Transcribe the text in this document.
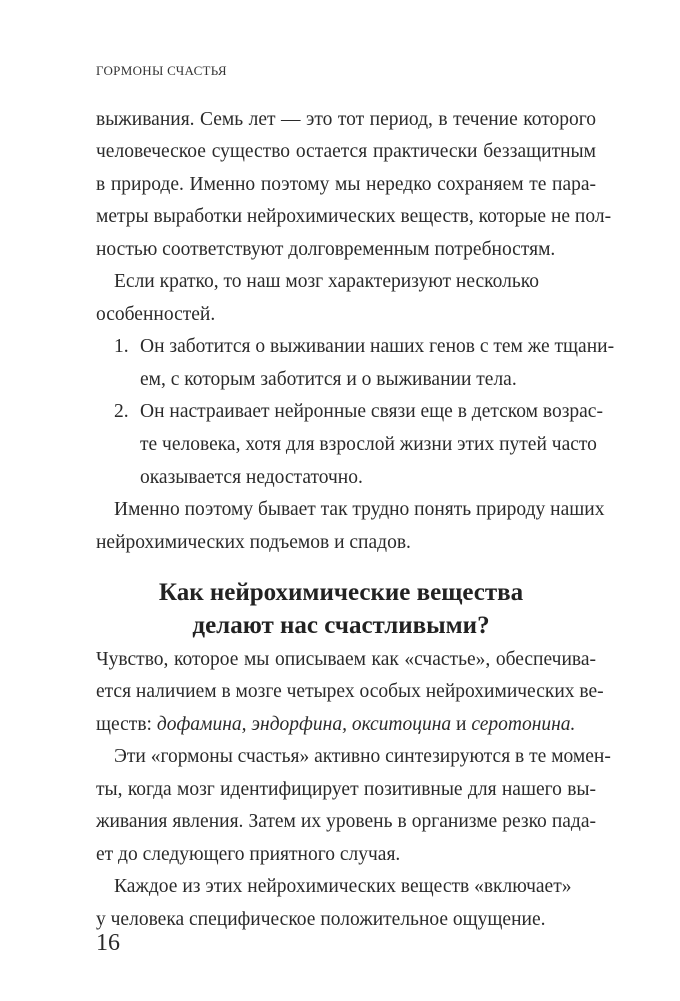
ГОРМОНЫ СЧАСТЬЯ
выживания. Семь лет — это тот период, в течение которого
человеческое существо остается практически беззащитным
в природе. Именно поэтому мы нередко сохраняем те пара-
метры выработки нейрохимических веществ, которые не пол-
ностью соответствуют долговременным потребностям.
Если кратко, то наш мозг характеризуют несколько
особенностей.
1. Он заботится о выживании наших генов с тем же тщани-
ем, с которым заботится и о выживании тела.
2. Он настраивает нейронные связи еще в детском возрас-
те человека, хотя для взрослой жизни этих путей часто
оказывается недостаточно.
Именно поэтому бывает так трудно понять природу наших
нейрохимических подъемов и спадов.
Как нейрохимические вещества
делают нас счастливыми?
Чувство, которое мы описываем как «счастье», обеспечива-
ется наличием в мозге четырех особых нейрохимических ве-
ществ: дофамина, эндорфина, окситоцина и серотонина.
Эти «гормоны счастья» активно синтезируются в те момен-
ты, когда мозг идентифицирует позитивные для нашего вы-
живания явления. Затем их уровень в организме резко пада-
ет до следующего приятного случая.
Каждое из этих нейрохимических веществ «включает»
у человека специфическое положительное ощущение.
16
